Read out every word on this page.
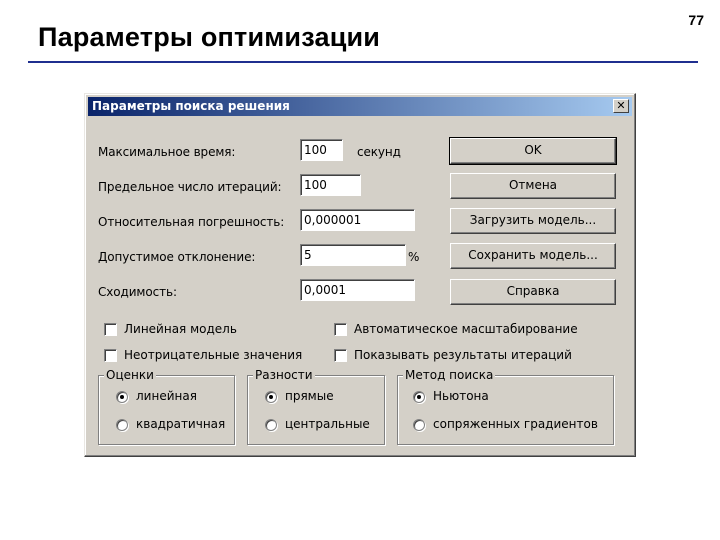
Параметры оптимизации
77
Параметры поиска решения	✕
Максимальное время:	100	секунд
Предельное число итераций:	100
Относительная погрешность:	0,000001
Допустимое отклонение:	5	%
Сходимость:	0,0001
OK
Отмена
Загрузить модель...
Сохранить модель...
Справка
Линейная модель	Автоматическое масштабирование
Неотрицательные значения	Показывать результаты итераций
Оценки
линейная
квадратичная
Разности
прямые
центральные
Метод поиска
Ньютона
сопряженных градиентов
